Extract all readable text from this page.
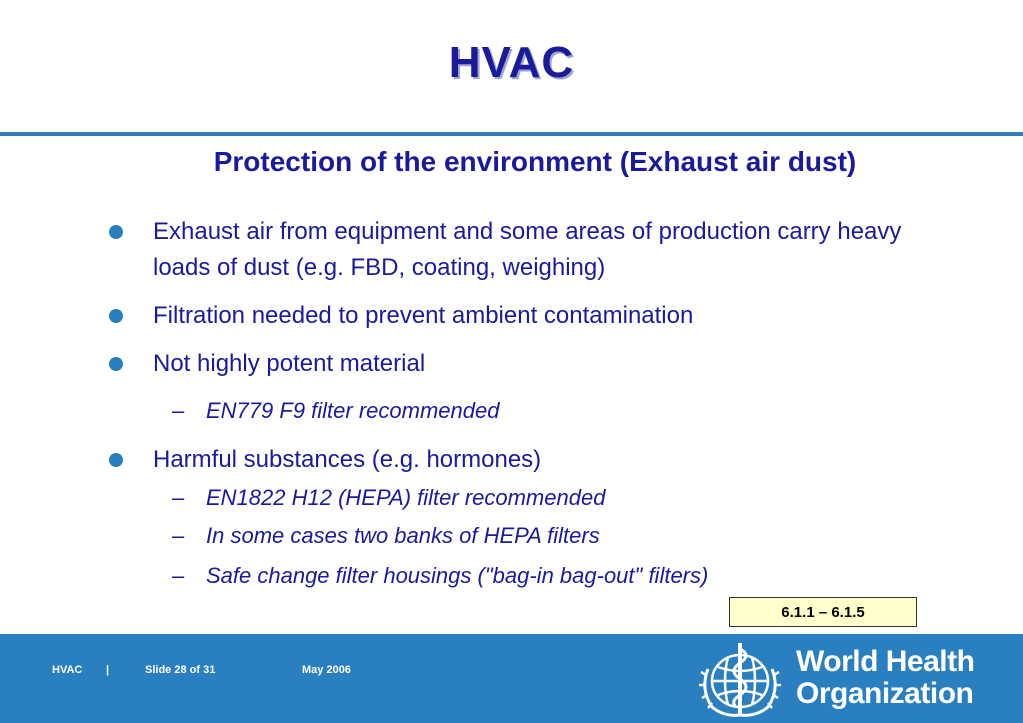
HVAC
Protection of the environment (Exhaust air dust)
Exhaust air from equipment and some areas of production carry heavy loads of dust (e.g. FBD, coating, weighing)
Filtration needed to prevent ambient contamination
Not highly potent material
– EN779 F9 filter recommended
Harmful substances (e.g. hormones)
– EN1822 H12 (HEPA) filter recommended
– In some cases two banks of HEPA filters
– Safe change filter housings ("bag-in bag-out" filters)
6.1.1 – 6.1.5
HVAC |	Slide 28 of 31	May 2006	World Health
Organization
